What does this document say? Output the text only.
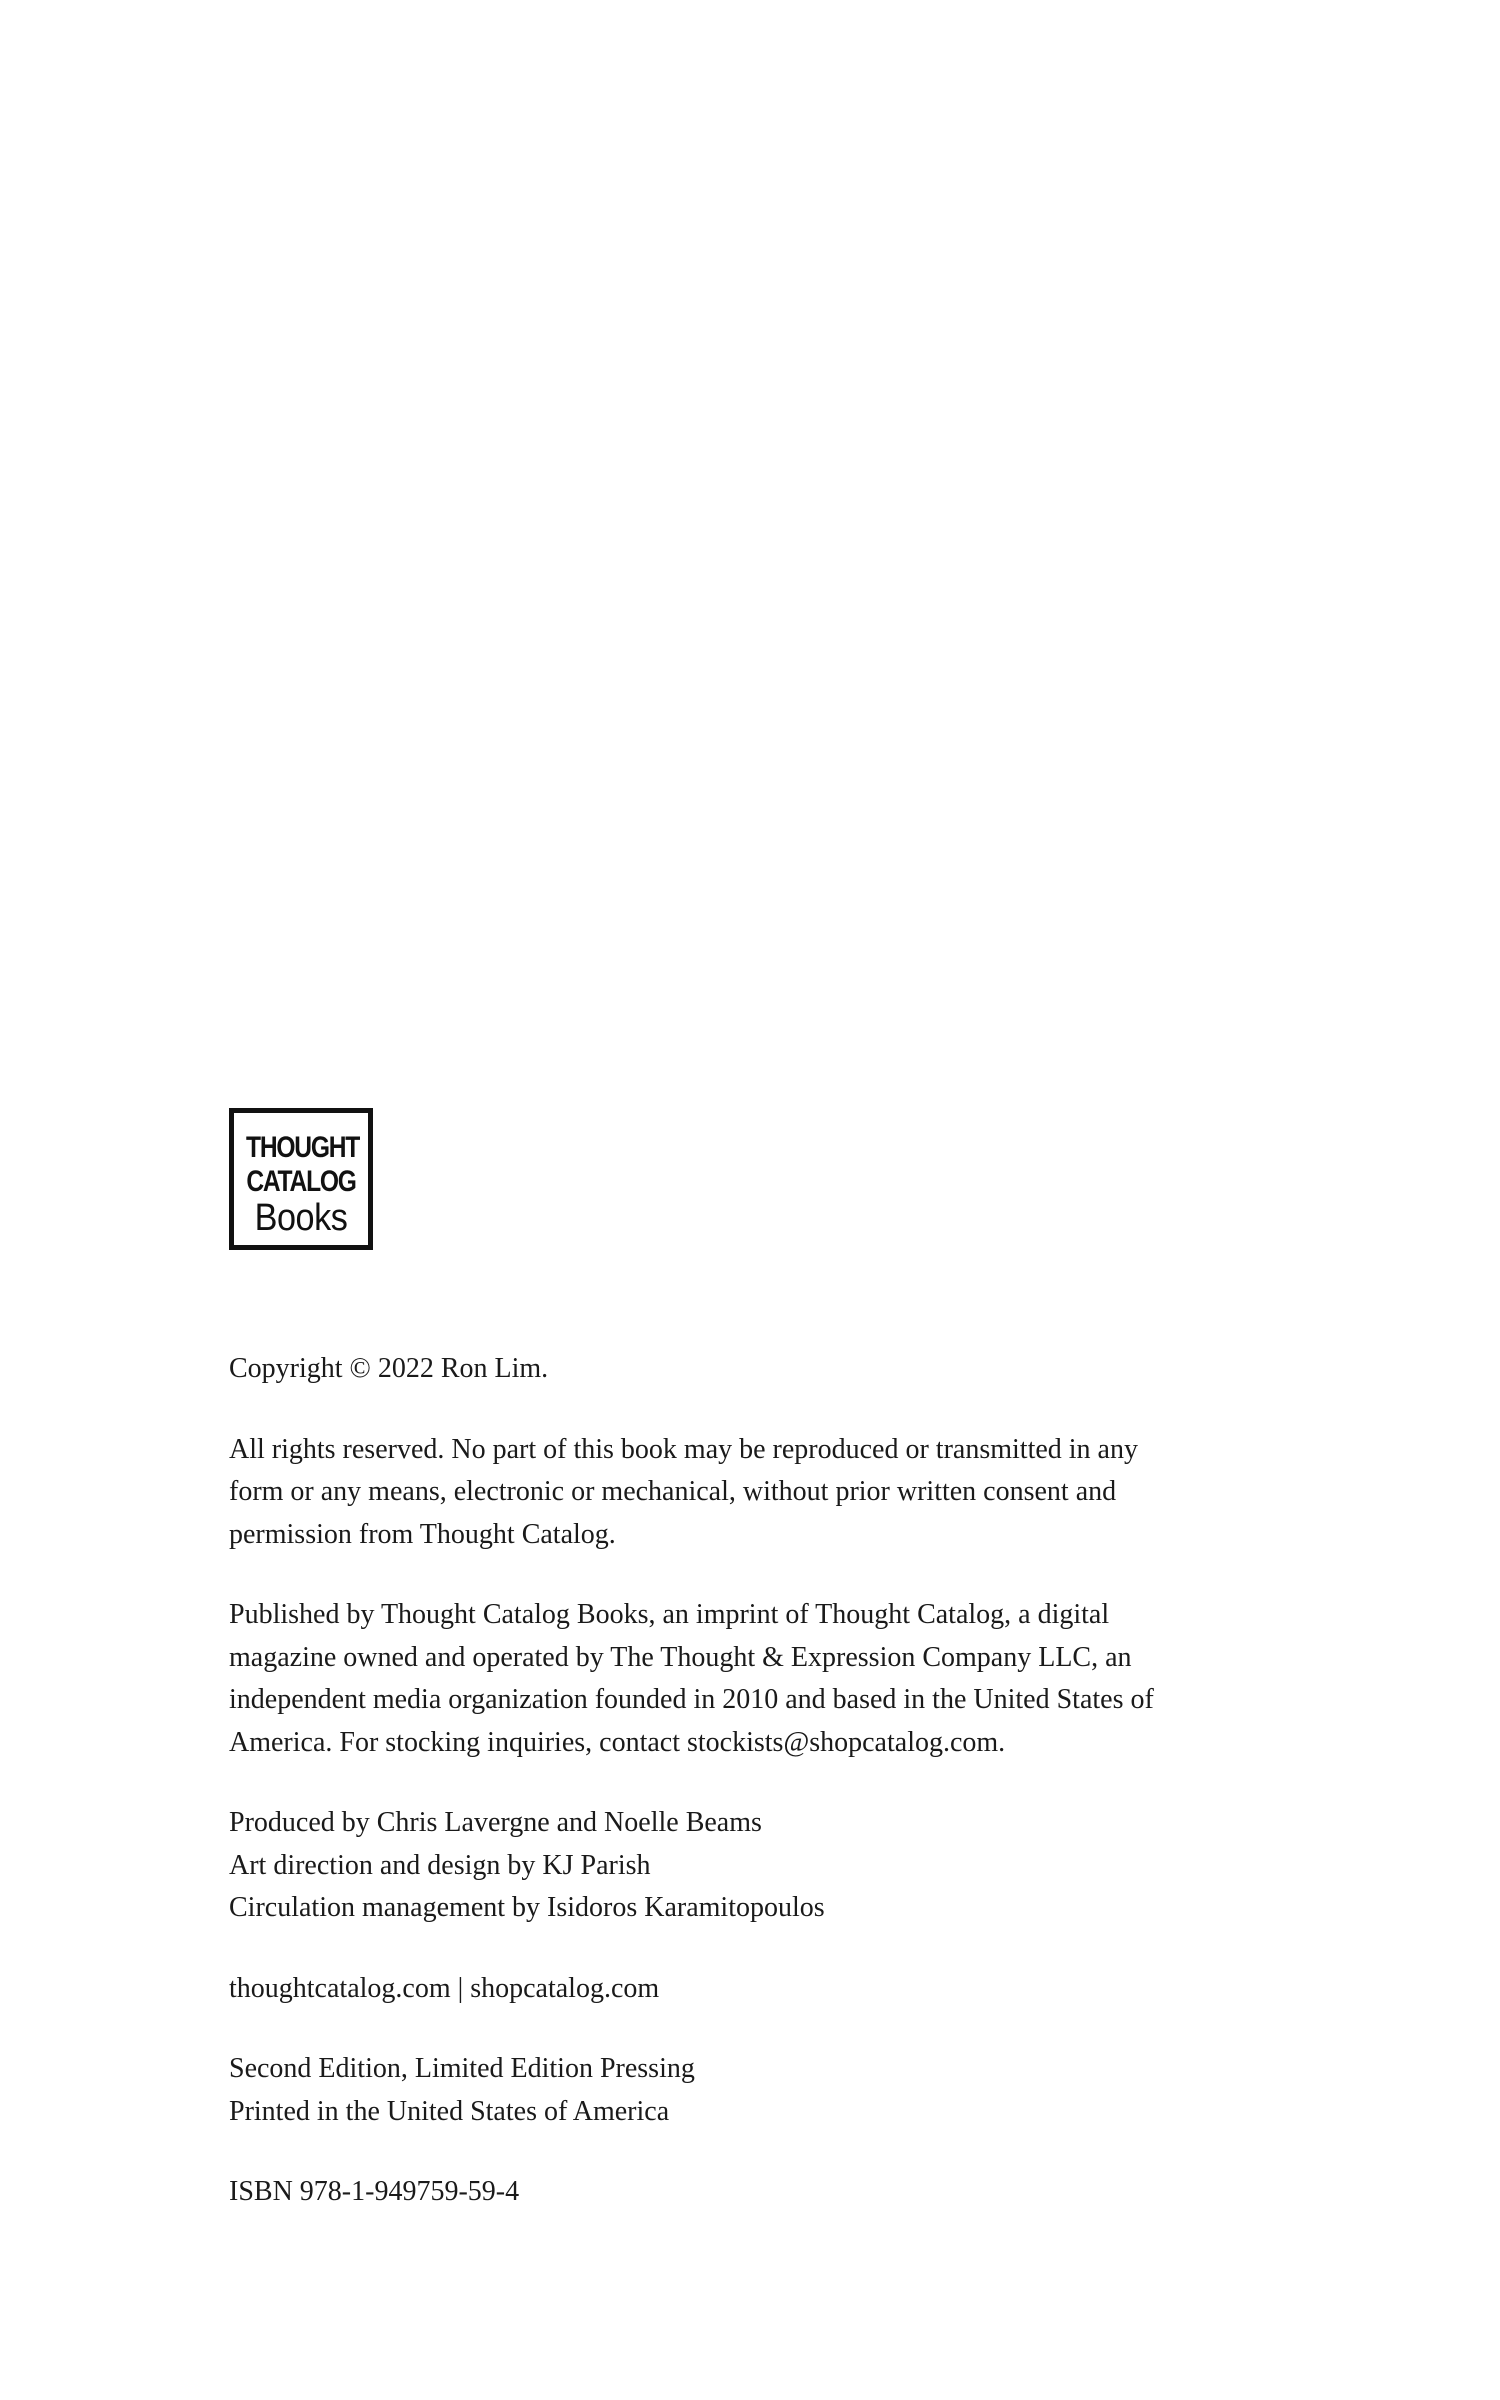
THOUGHT
CATALOG
Books

Copyright © 2022 Ron Lim.

All rights reserved. No part of this book may be reproduced or transmitted in any
form or any means, electronic or mechanical, without prior written consent and
permission from Thought Catalog.

Published by Thought Catalog Books, an imprint of Thought Catalog, a digital
magazine owned and operated by The Thought & Expression Company LLC, an
independent media organization founded in 2010 and based in the United States of
America. For stocking inquiries, contact stockists@shopcatalog.com.

Produced by Chris Lavergne and Noelle Beams
Art direction and design by KJ Parish
Circulation management by Isidoros Karamitopoulos

thoughtcatalog.com | shopcatalog.com

Second Edition, Limited Edition Pressing
Printed in the United States of America

ISBN 978-1-949759-59-4
